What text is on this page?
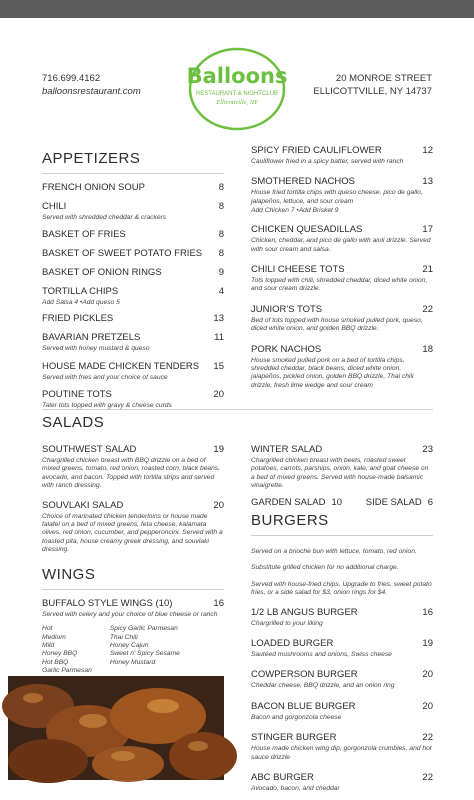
716.699.4162
balloonsrestaurant.com
Balloons
RESTAURANT & NIGHTCLUB
Ellicottville, NY
20 MONROE STREET
ELLICOTTVILLE, NY 14737
APPETIZERS
FRENCH ONION SOUP	8
CHILI	8
Served with shredded cheddar & crackers
BASKET OF FRIES	8
BASKET OF SWEET POTATO FRIES	8
BASKET OF ONION RINGS	9
TORTILLA CHIPS	4
Add Salsa 4 • Add queso 5
FRIED PICKLES	13
BAVARIAN PRETZELS	11
Served with honey mustard & queso
HOUSE MADE CHICKEN TENDERS	15
Served with fries and your choice of sauce
POUTINE TOTS	20
Tater tots topped with gravy & cheese curds
SPICY FRIED CAULIFLOWER	12
Cauliflower fried in a spicy batter, served with ranch
SMOTHERED NACHOS	13
House fried tortilla chips with queso cheese, pico de gallo, jalapeños, lettuce, and sour cream
Add Chicken 7 • Add Brisket 9
CHICKEN QUESADILLAS	17
Chicken, cheddar, and pico de gallo with aioli drizzle. Served with sour cream and salsa.
CHILI CHEESE TOTS	21
Tots topped with chili, shredded cheddar, diced white onion, and sour cream drizzle.
JUNIOR'S TOTS	22
Bed of tots topped with house smoked pulled pork, queso, diced white onion, and golden BBQ drizzle.
PORK NACHOS	18
House smoked pulled pork on a bed of tortilla chips, shredded cheddar, black beans, diced white onion, jalapeños, pickled onion, golden BBQ drizzle, Thai chili drizzle, fresh lime wedge and sour cream
SALADS
SOUTHWEST SALAD	19
Chargrilled chicken breast with BBQ drizzle on a bed of mixed greens, tomato, red onion, roasted corn, black beans, avocado, and bacon. Topped with tortilla strips and served with ranch dressing.
SOUVLAKI SALAD	20
Choice of marinated chicken tenderloins or house made falafel on a bed of mixed greens, feta cheese, kalamata olives, red onion, cucumber, and pepperoncini. Served with a toasted pita, house creamy greek dressing, and souvlaki dressing.
WINTER SALAD	23
Chargrilled chicken breast with beets, roasted sweet potatoes, carrots, parsnips, onion, kale, and goat cheese on a bed of mixed greens. Served with house-made balsamic vinaigrette.
GARDEN SALAD 10 SIDE SALAD 6
BURGERS
Served on a brioche bun with lettuce, tomato, red onion.
Substitute grilled chicken for no additional charge.
Served with house-fried chips. Upgrade to fries, sweet potato fries, or a side salad for $3, onion rings for $4.
1/2 LB ANGUS BURGER	16
Chargrilled to your liking
LOADED BURGER	19
Sautéed mushrooms and onions, Swiss cheese
COWPERSON BURGER	20
Cheddar cheese, BBQ drizzle, and an onion ring
BACON BLUE BURGER	20
Bacon and gorgonzola cheese
STINGER BURGER	22
House made chicken wing dip, gorgonzola crumbles, and hot sauce drizzle
ABC BURGER	22
Avocado, bacon, and cheddar
WINGS
BUFFALO STYLE WINGS (10)	16
Served with celery and your choice of blue cheese or ranch
Hot
Medium
Mild
Honey BBQ
Hot BBQ
Garlic Parmesan
Spicy Garlic Parmesan
Thai Chili
Honey Cajun
Sweet n' Spicy Sesame
Honey Mustard
